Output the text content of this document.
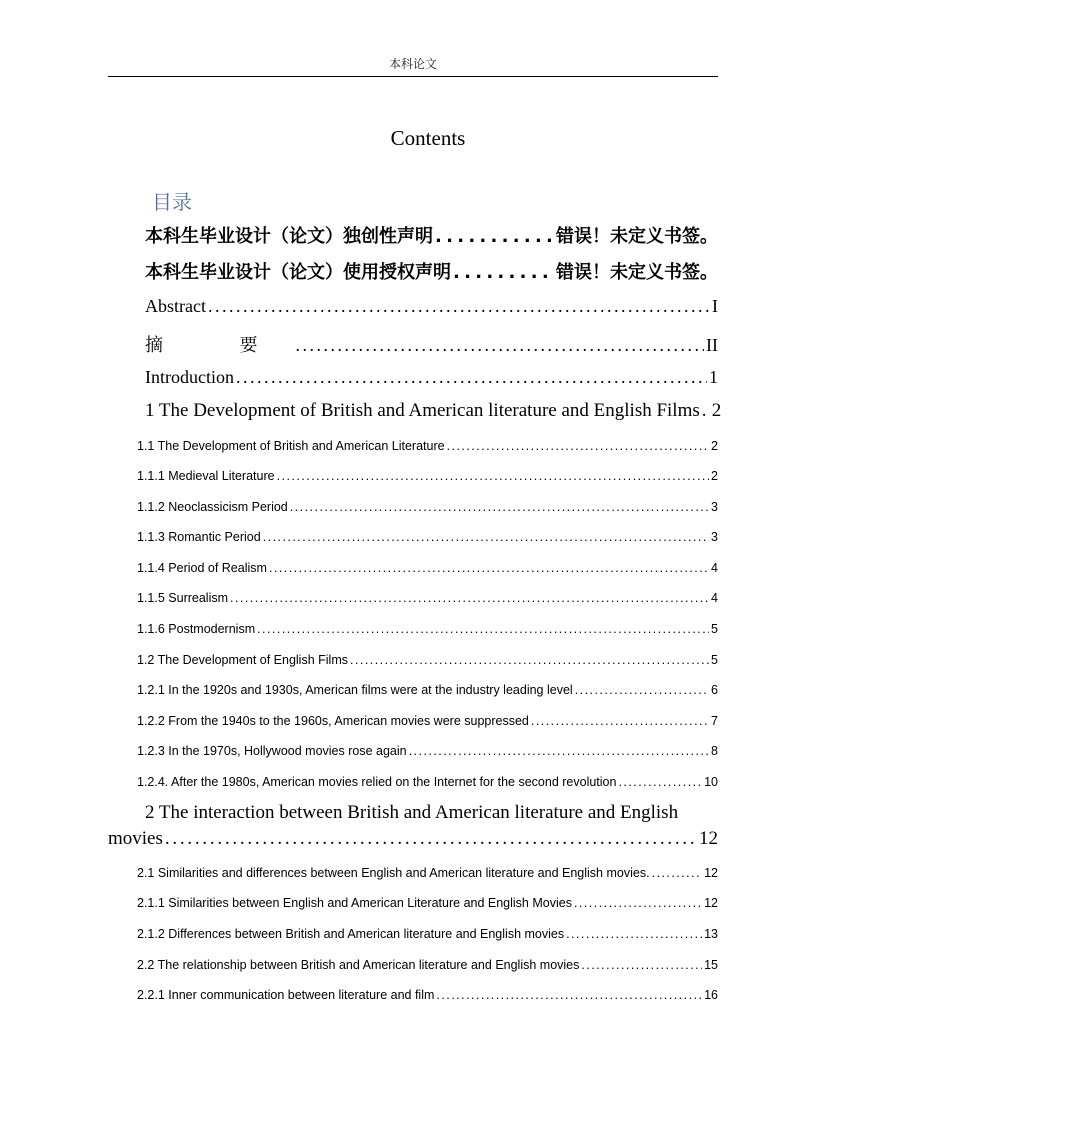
本科论文
Contents
目录
本科生毕业设计（论文）独创性声明 . . .	错误！未定义书签。
本科生毕业设计（论文）使用授权声明 . . .	错误！未定义书签。
Abstract . . .	I
摘 要 . . .	II
Introduction . . .	1
1 The Development of British and American literature and English Films . . . 2
1.1 The Development of British and American Literature . . .	2
1.1.1 Medieval Literature . . .	2
1.1.2 Neoclassicism Period . . .	3
1.1.3 Romantic Period . . .	3
1.1.4 Period of Realism . . .	4
1.1.5 Surrealism . . .	4
1.1.6 Postmodernism . . .	5
1.2 The Development of English Films . . .	5
1.2.1 In the 1920s and 1930s, American films were at the industry leading level . . .	6
1.2.2 From the 1940s to the 1960s, American movies were suppressed . . .	7
1.2.3 In the 1970s, Hollywood movies rose again . . .	8
1.2.4. After the 1980s, American movies relied on the Internet for the second revolution . . .	10
2 The interaction between British and American literature and English
movies . . .	12
2.1 Similarities and differences between English and American literature and English movies. . . .	12
2.1.1 Similarities between English and American Literature and English Movies . . .	12
2.1.2 Differences between British and American literature and English movies . . .	13
2.2 The relationship between British and American literature and English movies . . .	15
2.2.1 Inner communication between literature and film . . .	16
